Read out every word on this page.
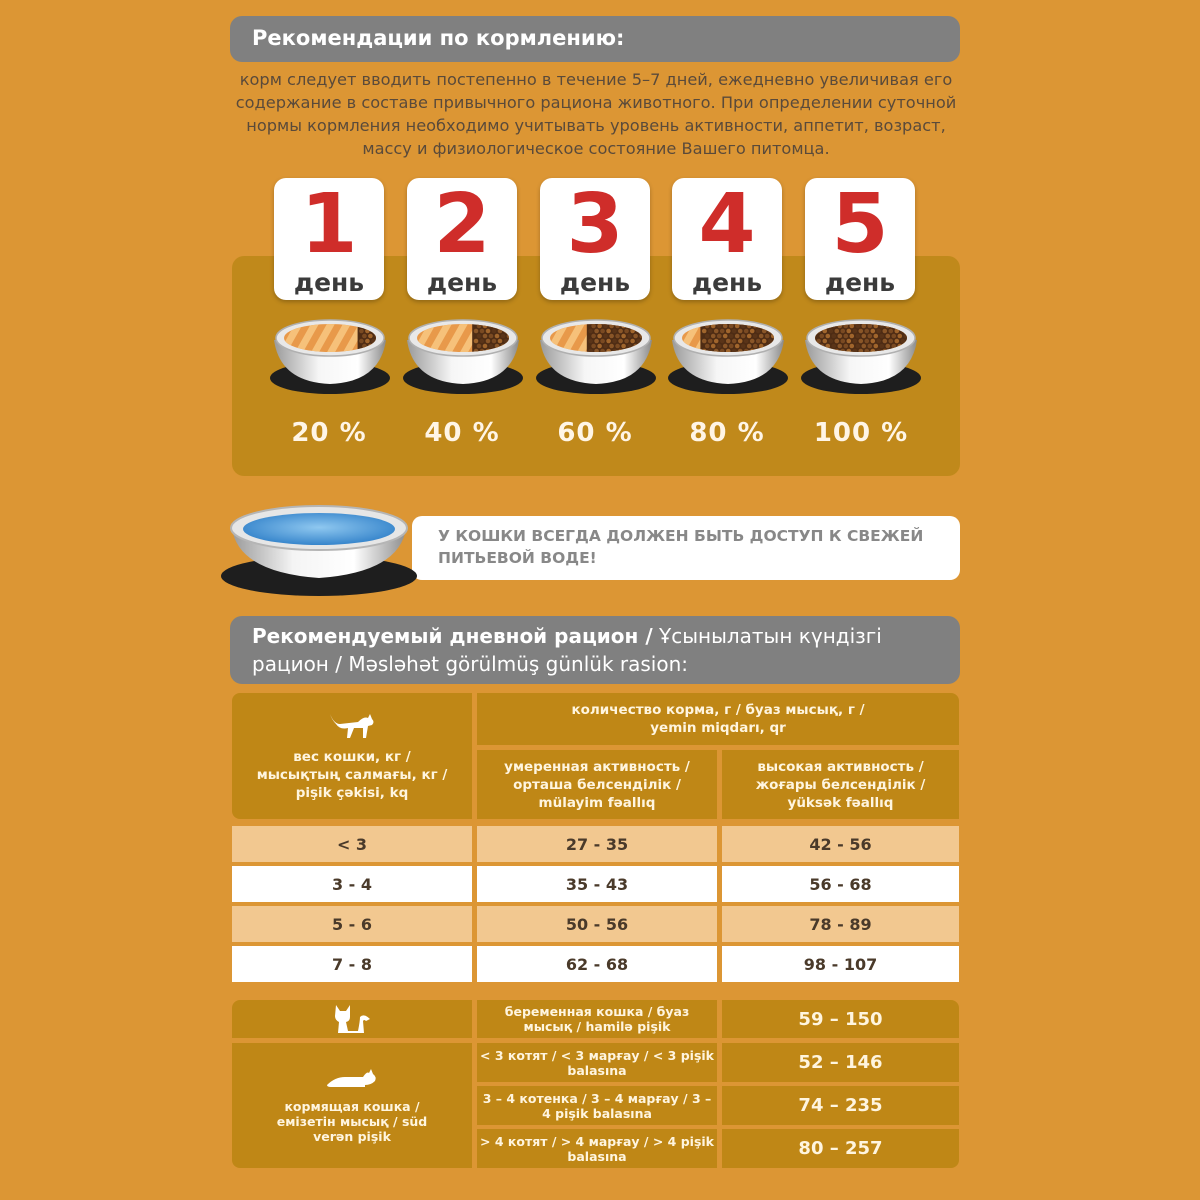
Рекомендации по кормлению:
корм следует вводить постепенно в течение 5–7 дней, ежедневно увеличивая его содержание в составе привычного рациона животного. При определении суточной нормы кормления необходимо учитывать уровень активности, аппетит, возраст, массу и физиологическое состояние Вашего питомца.
1
день
2
день
3
день
4
день
5
день
20 %	40 %	60 %	80 %	100 %
У КОШКИ ВСЕГДА ДОЛЖЕН БЫТЬ ДОСТУП К СВЕЖЕЙ ПИТЬЕВОЙ ВОДЕ!
Рекомендуемый дневной рацион / Ұсынылатын күндізгі рацион / Məsləhət görülmüş günlük rasion:
вес кошки, кг / мысықтың салмағы, кг / pişik çəkisi, kq
количество корма, г / буаз мысық, г / yemin miqdarı, qr
умеренная активность / орташа белсенділік / mülayim fəallıq
высокая активность / жоғары белсенділік / yüksək fəallıq
< 3	27 - 35	42 - 56
3 - 4	35 - 43	56 - 68
5 - 6	50 - 56	78 - 89
7 - 8	62 - 68	98 - 107
беременная кошка / буаз мысық / hamilə pişik	59 – 150
кормящая кошка / емізетін мысық / süd verən pişik
< 3 котят / < 3 марғау / < 3 pişik balasına	52 – 146
3 – 4 котенка / 3 – 4 марғау / 3 – 4 pişik balasına	74 – 235
> 4 котят / > 4 марғау / > 4 pişik balasına	80 – 257
